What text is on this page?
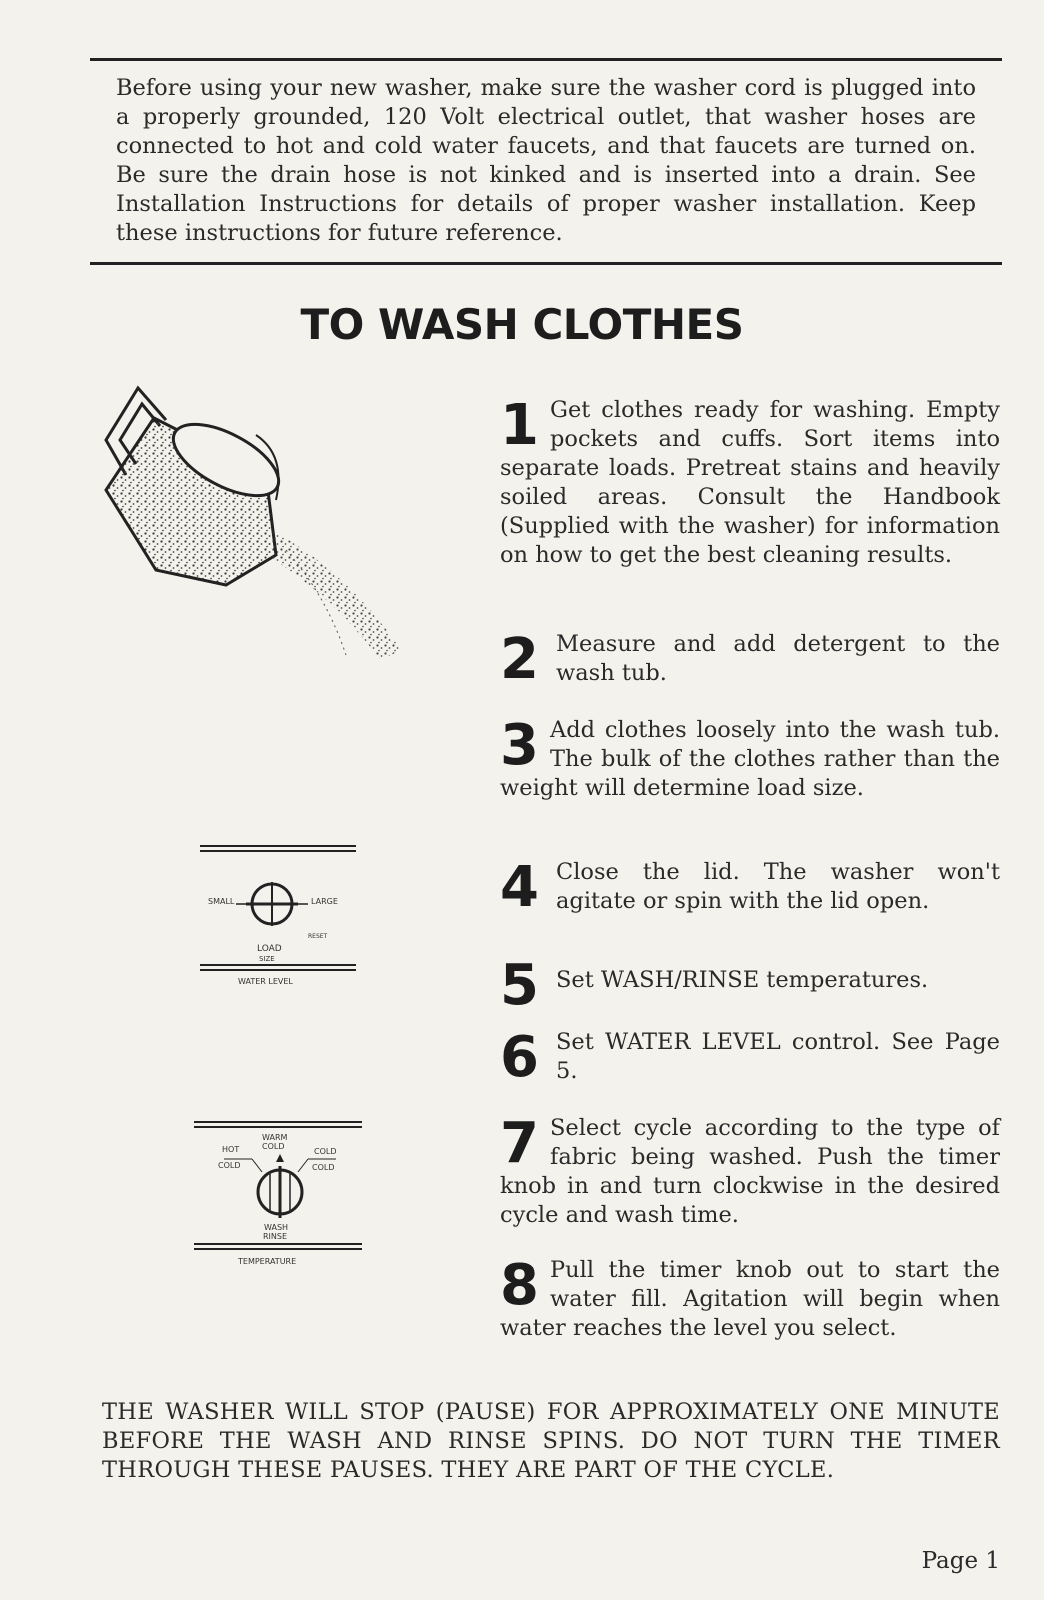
Before using your new washer, make sure the washer cord is plugged into a properly grounded, 120 Volt electrical outlet, that washer hoses are connected to hot and cold water faucets, and that faucets are turned on. Be sure the drain hose is not kinked and is inserted into a drain. See Installation Instructions for details of proper washer installation. Keep these instructions for future reference.

TO WASH CLOTHES
SMALL	LARGE
RESET
LOAD
SIZE
WATER LEVEL
WARM
COLD
HOT
COLD
COLD
COLD
WASH
RINSE
TEMPERATURE
1 Get clothes ready for washing. Empty pockets and cuffs. Sort items into separate loads. Pretreat stains and heavily soiled areas. Consult the Handbook (Supplied with the washer) for information on how to get the best cleaning results.
2 Measure and add detergent to the wash tub.
3 Add clothes loosely into the wash tub. The bulk of the clothes rather than the weight will determine load size.
4 Close the lid. The washer won't agitate or spin with the lid open.
5 Set WASH/RINSE temperatures.
6 Set WATER LEVEL control. See Page 5.
7 Select cycle according to the type of fabric being washed. Push the timer knob in and turn clockwise in the desired cycle and wash time.
8 Pull the timer knob out to start the water fill. Agitation will begin when water reaches the level you select.

THE WASHER WILL STOP (PAUSE) FOR APPROXIMATELY ONE MINUTE BEFORE THE WASH AND RINSE SPINS. DO NOT TURN THE TIMER THROUGH THESE PAUSES. THEY ARE PART OF THE CYCLE.

Page 1
